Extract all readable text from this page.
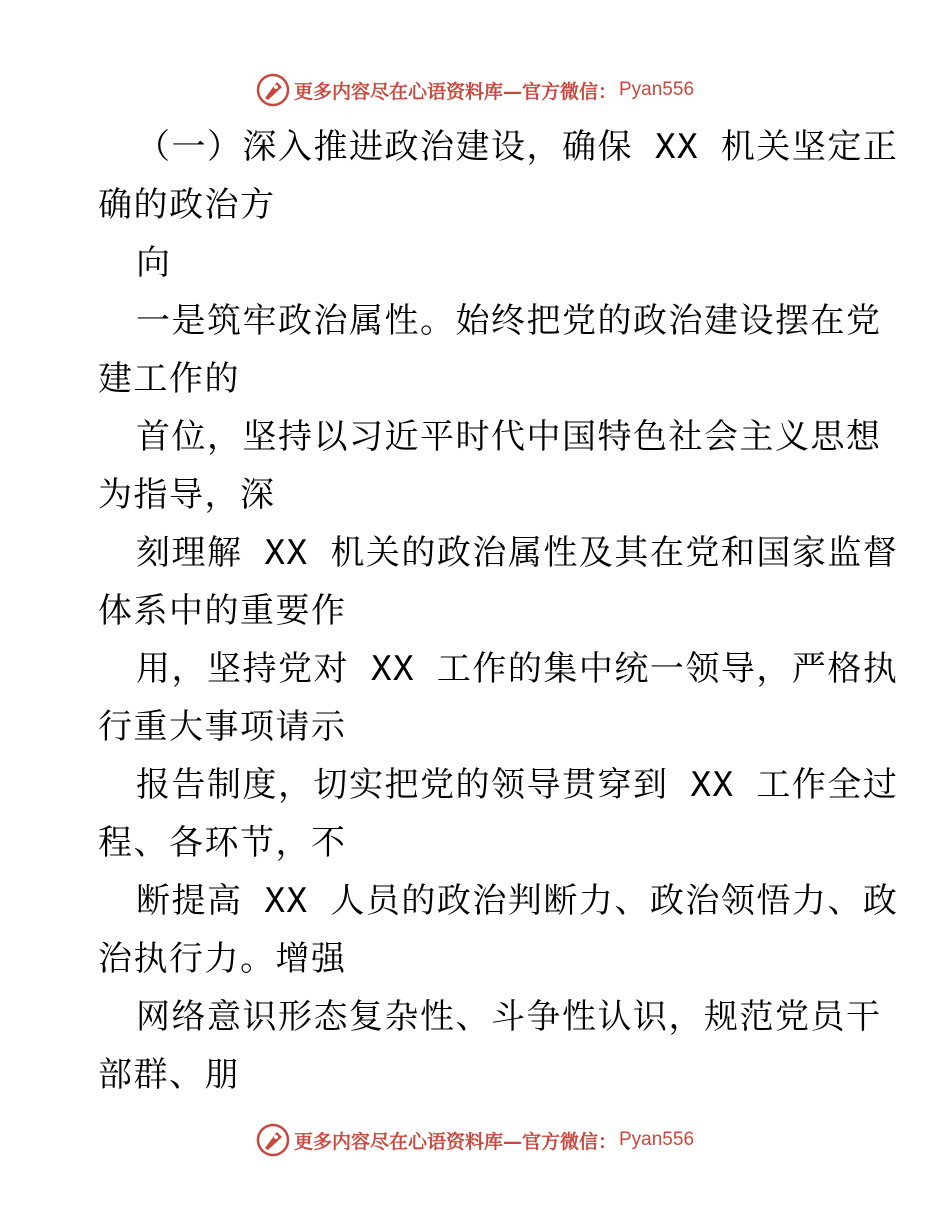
更多内容尽在心语资料库—官方微信： Pyan556
（一）深入推进政治建设，确保 XX 机关坚定正
确的政治方
向
一是筑牢政治属性。始终把党的政治建设摆在党
建工作的
首位，坚持以习近平时代中国特色社会主义思想
为指导，深
刻理解 XX 机关的政治属性及其在党和国家监督
体系中的重要作
用，坚持党对 XX 工作的集中统一领导，严格执
行重大事项请示
报告制度，切实把党的领导贯穿到 XX 工作全过
程、各环节，不
断提高 XX 人员的政治判断力、政治领悟力、政
治执行力。增强
网络意识形态复杂性、斗争性认识，规范党员干
部群、朋
更多内容尽在心语资料库—官方微信： Pyan556
